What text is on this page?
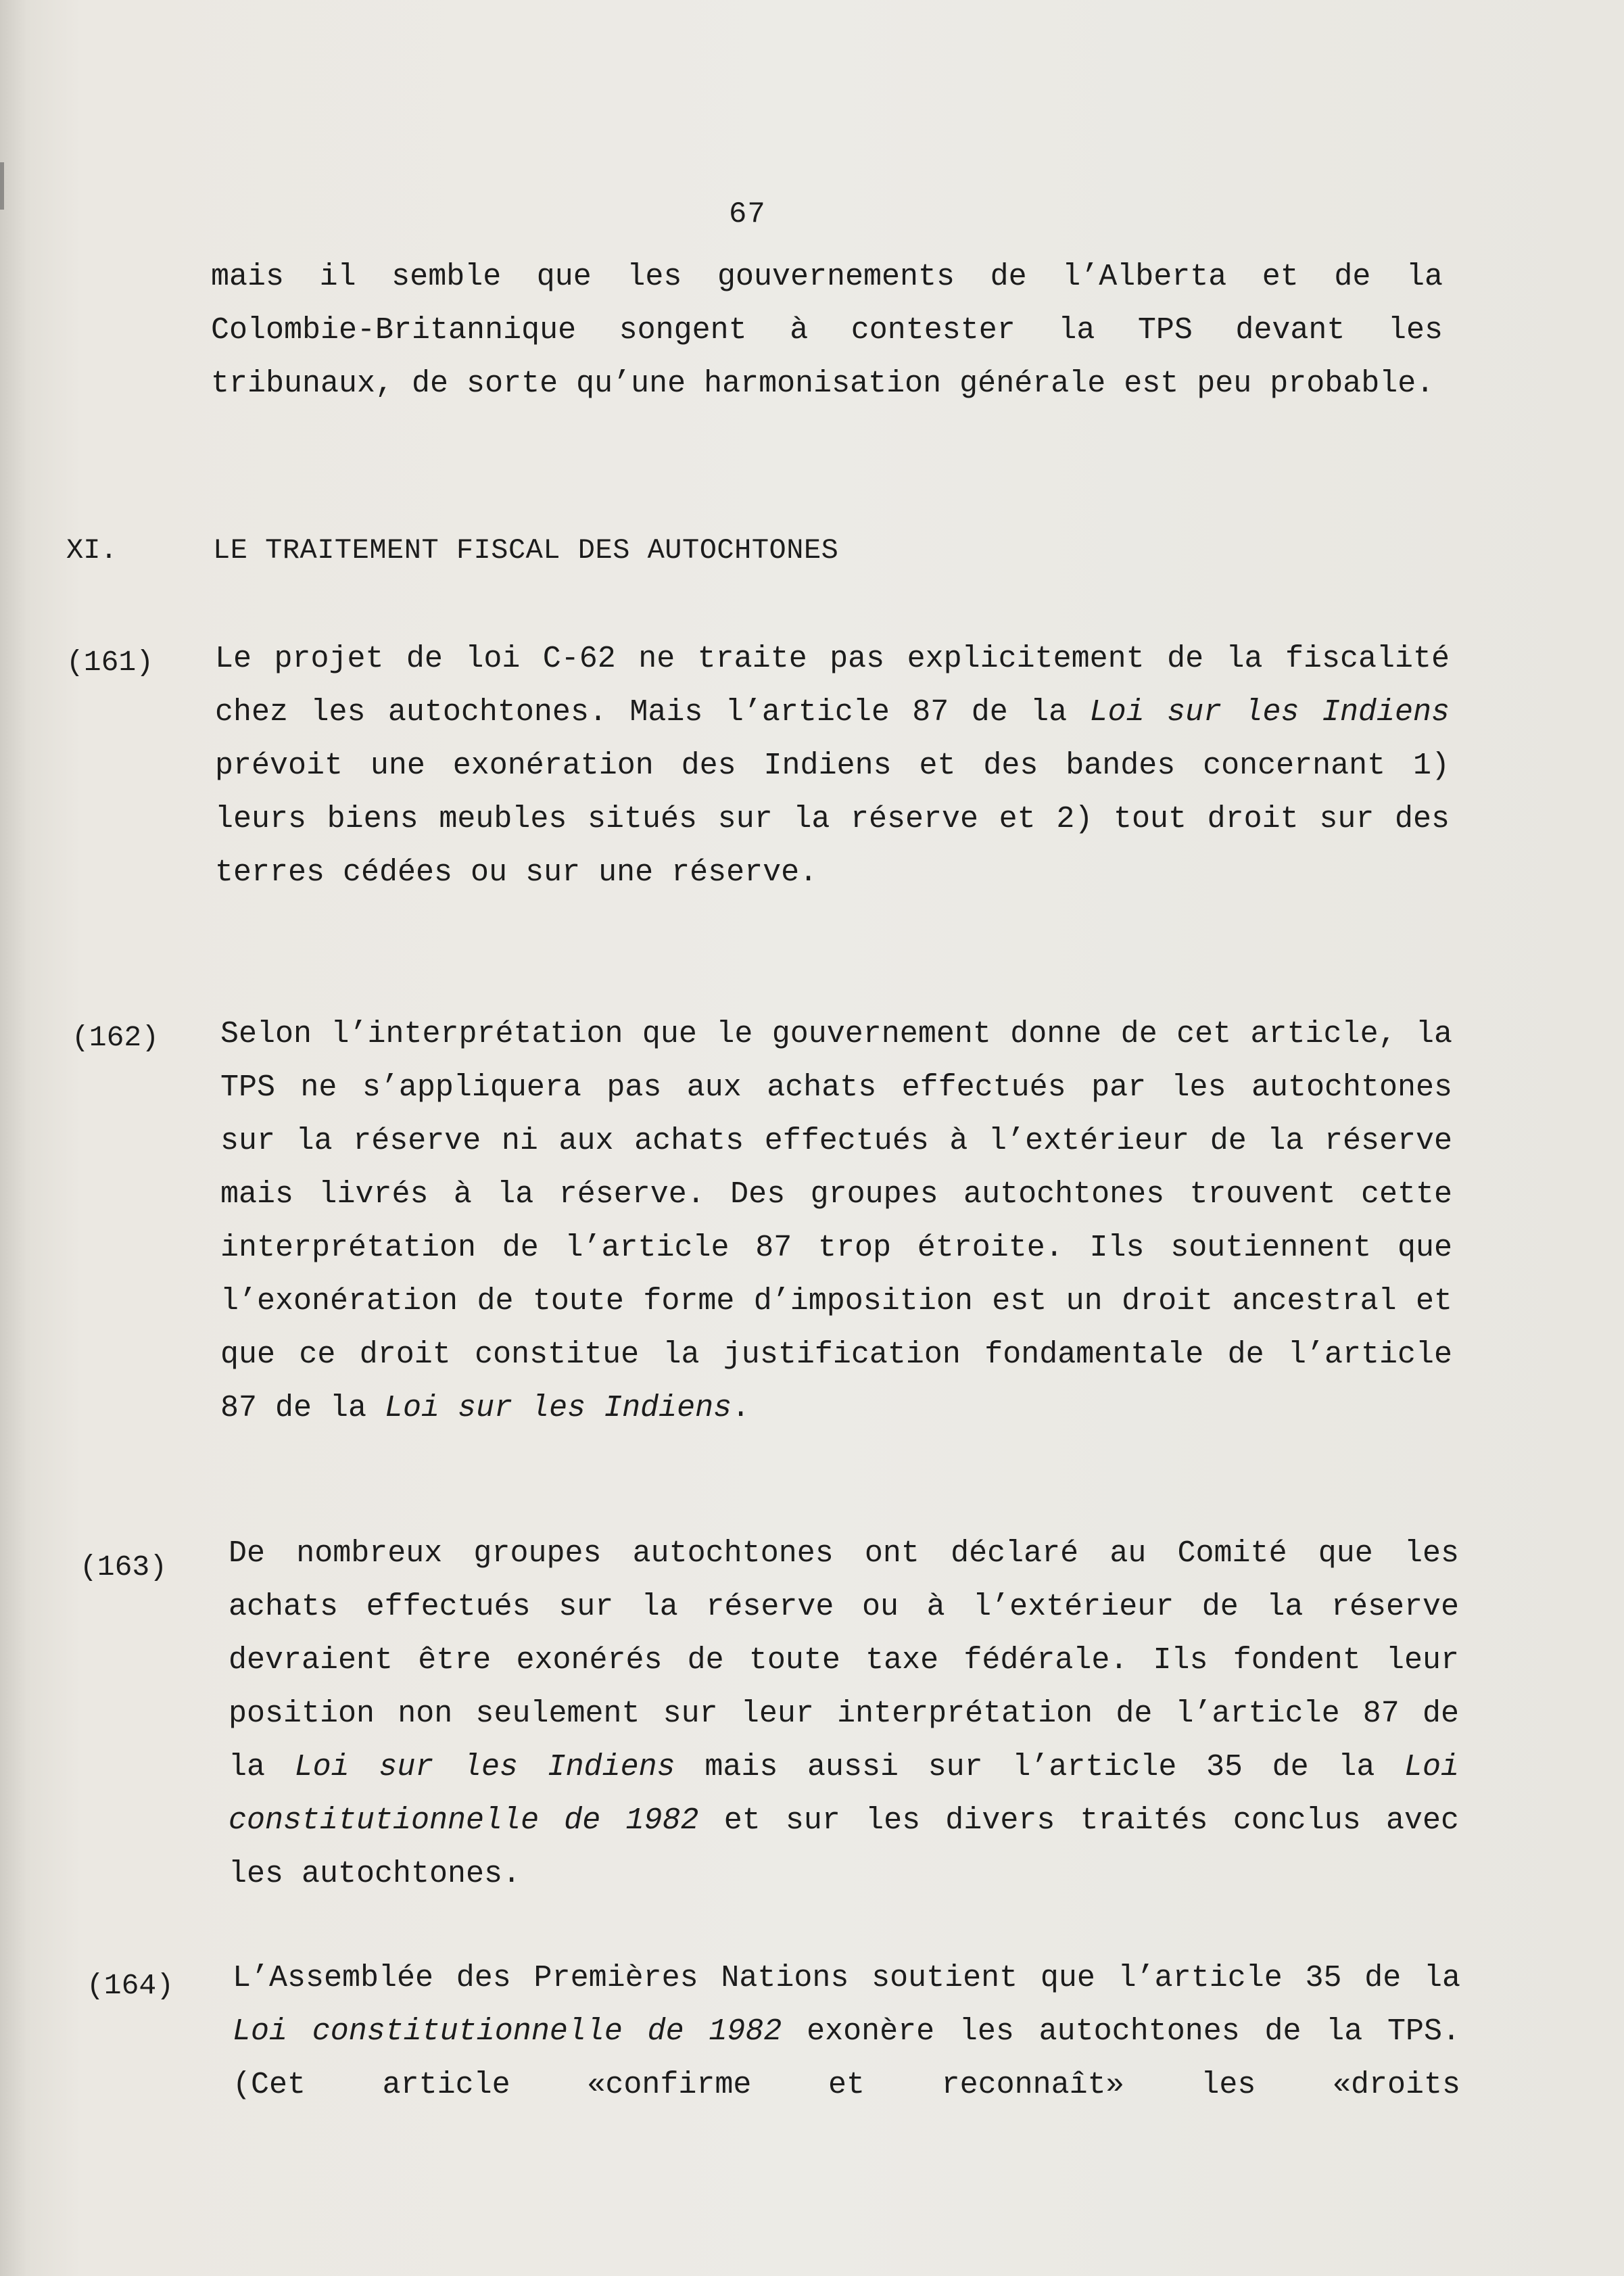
67
mais il semble que les gouvernements de l’Alberta et de la Colombie-Britannique songent à contester la TPS devant les tribunaux, de sorte qu’une harmonisation générale est peu probable.
XI.	LE TRAITEMENT FISCAL DES AUTOCHTONES
(161) Le projet de loi C-62 ne traite pas explicitement de la fiscalité chez les autochtones. Mais l’article 87 de la Loi sur les Indiens prévoit une exonération des Indiens et des bandes concernant 1) leurs biens meubles situés sur la réserve et 2) tout droit sur des terres cédées ou sur une réserve.
(162) Selon l’interprétation que le gouvernement donne de cet article, la TPS ne s’appliquera pas aux achats effectués par les autochtones sur la réserve ni aux achats effectués à l’extérieur de la réserve mais livrés à la réserve. Des groupes autochtones trouvent cette interprétation de l’article 87 trop étroite. Ils soutiennent que l’exonération de toute forme d’imposition est un droit ancestral et que ce droit constitue la justification fondamentale de l’article 87 de la Loi sur les Indiens.
(163) De nombreux groupes autochtones ont déclaré au Comité que les achats effectués sur la réserve ou à l’extérieur de la réserve devraient être exonérés de toute taxe fédérale. Ils fondent leur position non seulement sur leur interprétation de l’article 87 de la Loi sur les Indiens mais aussi sur l’article 35 de la Loi constitutionnelle de 1982 et sur les divers traités conclus avec les autochtones.
(164) L’Assemblée des Premières Nations soutient que l’article 35 de la Loi constitutionnelle de 1982 exonère les autochtones de la TPS. (Cet article «confirme et reconnaît» les «droits
